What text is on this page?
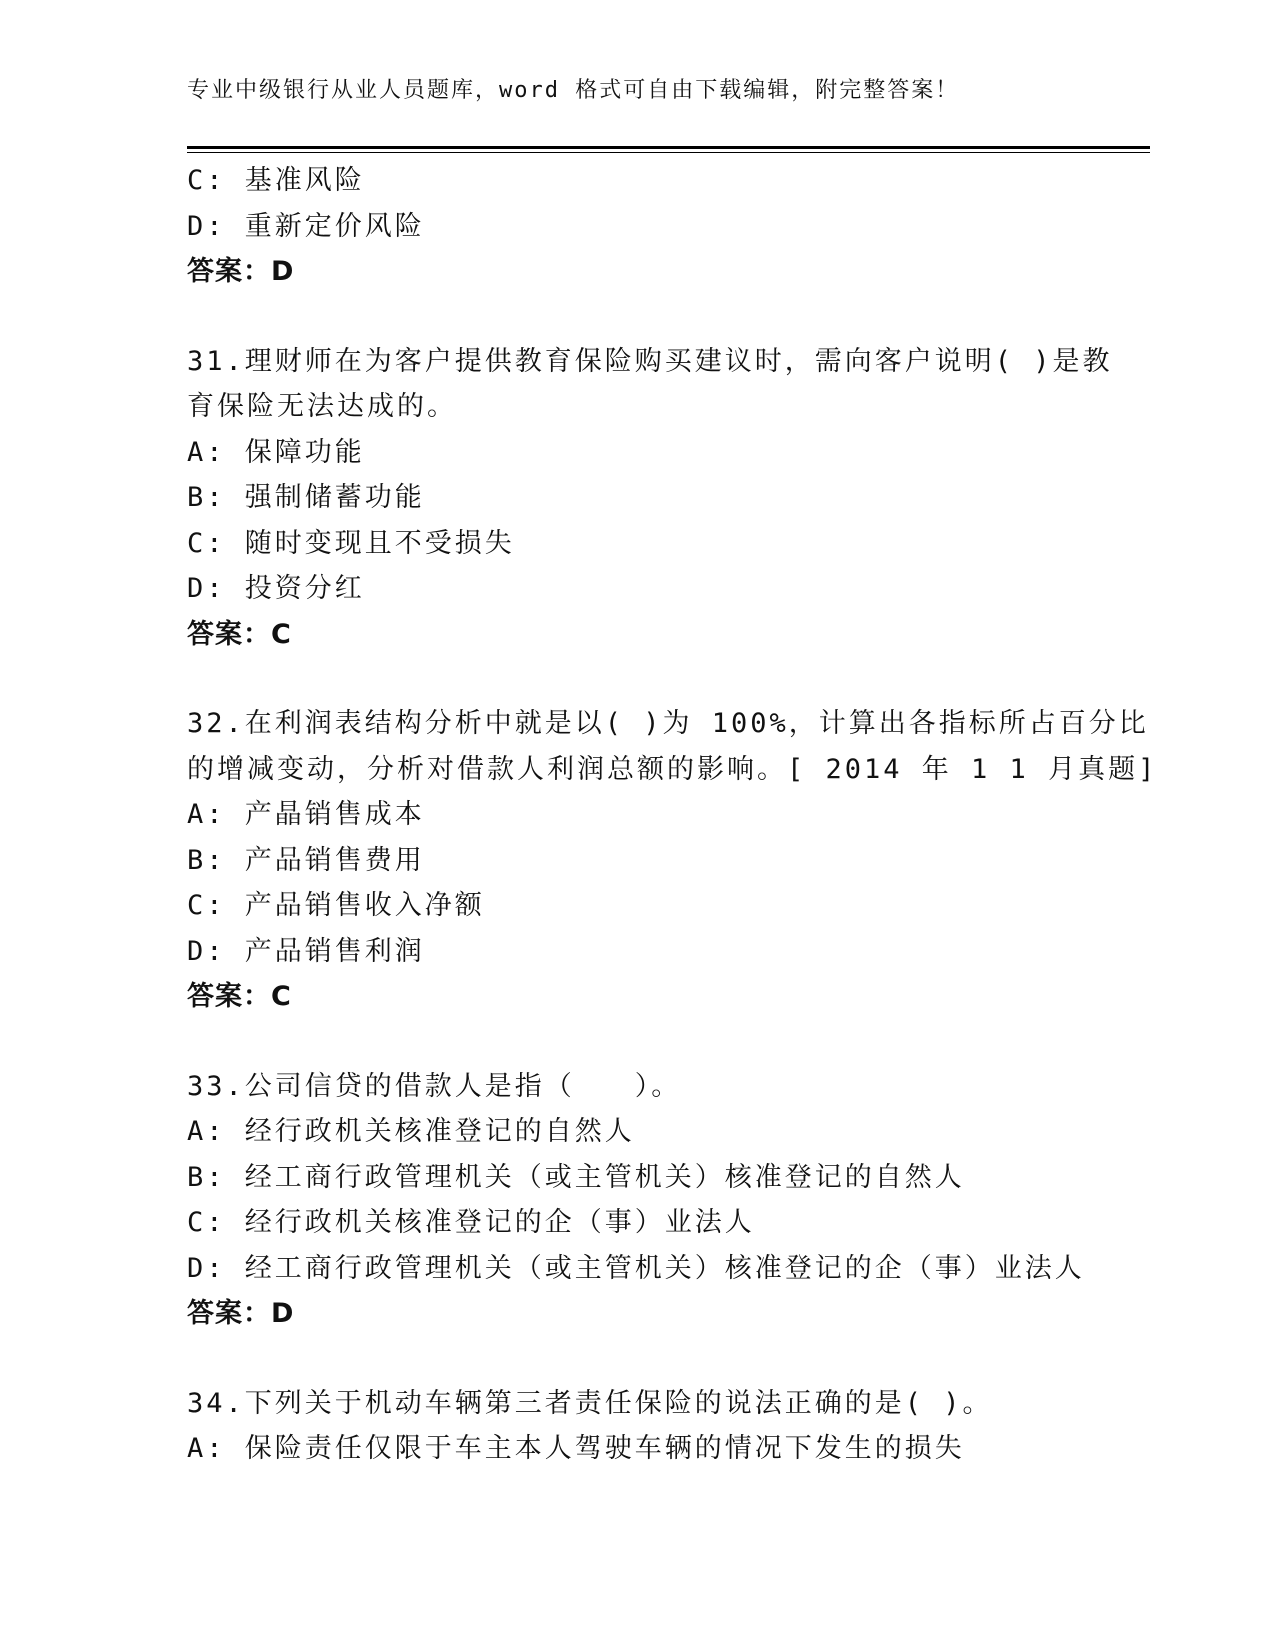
专业中级银行从业人员题库，word 格式可自由下载编辑，附完整答案！
C: 基准风险
D: 重新定价风险
答案：D
31.理财师在为客户提供教育保险购买建议时，需向客户说明( )是教
育保险无法达成的。
A: 保障功能
B: 强制储蓄功能
C: 随时变现且不受损失
D: 投资分红
答案：C
32.在利润表结构分析中就是以( )为 100%，计算出各指标所占百分比
的增减变动，分析对借款人利润总额的影响。[ 2014 年 1 1 月真题]
A: 产晶销售成本
B: 产品销售费用
C: 产品销售收入净额
D: 产品销售利润
答案：C
33.公司信贷的借款人是指（　　）。
A: 经行政机关核准登记的自然人
B: 经工商行政管理机关（或主管机关）核准登记的自然人
C: 经行政机关核准登记的企（事）业法人
D: 经工商行政管理机关（或主管机关）核准登记的企（事）业法人
答案：D
34.下列关于机动车辆第三者责任保险的说法正确的是( )。
A: 保险责任仅限于车主本人驾驶车辆的情况下发生的损失
